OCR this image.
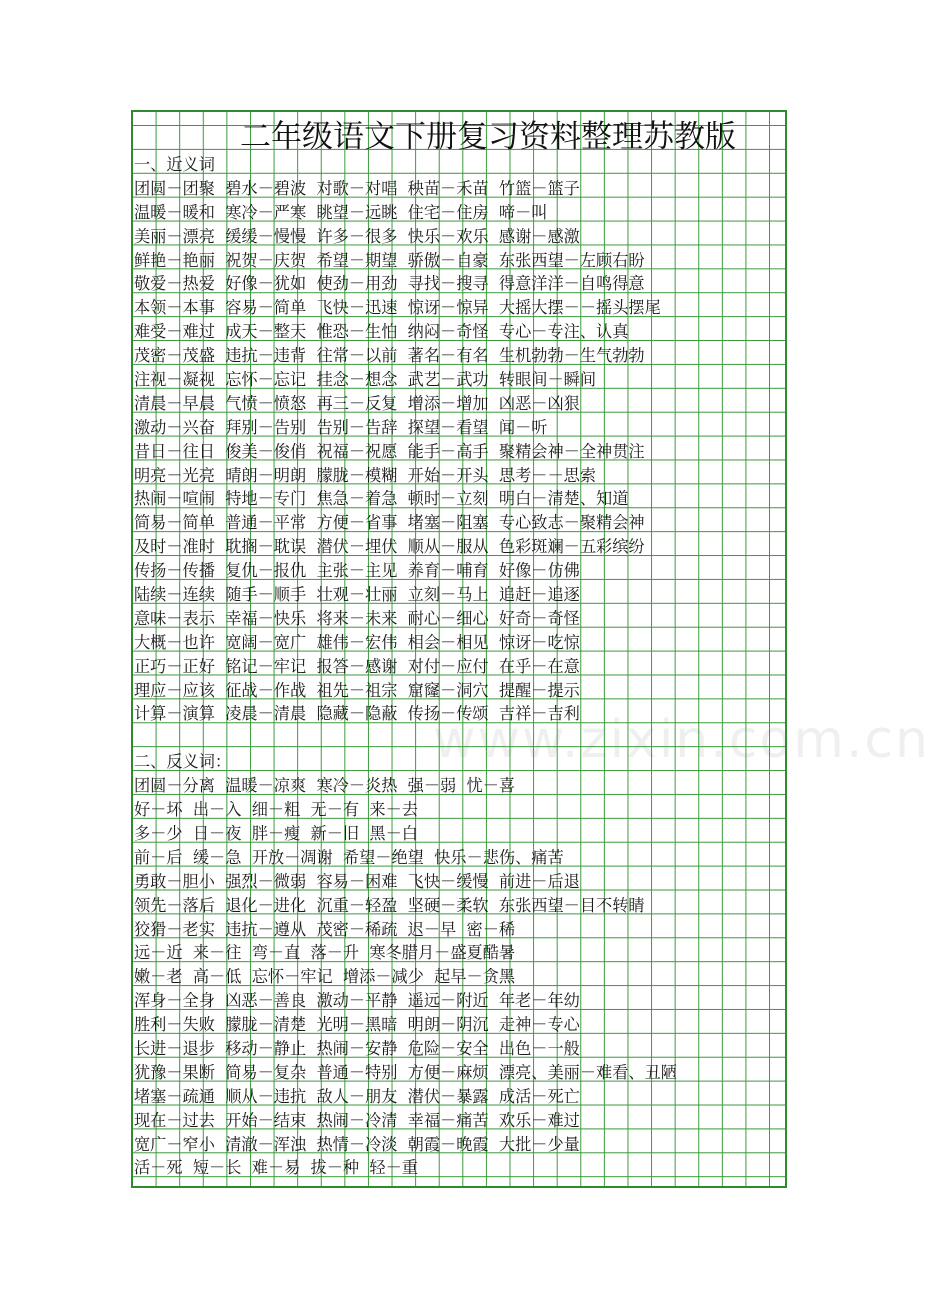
www.zixin.com.cn
二年级语文下册复习资料整理苏教版
一、近义词
团圆－团聚  碧水－碧波  对歌－对唱  秧苗－禾苗  竹篮－篮子
温暖－暖和  寒冷－严寒  眺望－远眺  住宅－住房  啼－叫
美丽－漂亮  缓缓－慢慢  许多－很多  快乐－欢乐  感谢－感激
鲜艳－艳丽  祝贺－庆贺  希望－期望  骄傲－自豪  东张西望－左顾右盼
敬爱－热爱  好像－犹如  使劲－用劲  寻找－搜寻  得意洋洋－自鸣得意
本领－本事  容易－简单  飞快－迅速  惊讶－惊异  大摇大摆－－摇头摆尾
难受－难过  成天－整天  惟恐－生怕  纳闷－奇怪  专心－专注、认真
茂密－茂盛  违抗－违背  往常－以前  著名－有名  生机勃勃－生气勃勃
注视－凝视  忘怀－忘记  挂念－想念  武艺－武功  转眼间－瞬间
清晨－早晨  气愤－愤怒  再三－反复  增添－增加  凶恶－凶狠
激动－兴奋  拜别－告别  告别－告辞  探望－看望  闻－听
昔日－往日  俊美－俊俏  祝福－祝愿  能手－高手  聚精会神－全神贯注
明亮－光亮  晴朗－明朗  朦胧－模糊  开始－开头  思考－－思索
热闹－喧闹  特地－专门  焦急－着急  顿时－立刻  明白－清楚、知道
简易－简单  普通－平常  方便－省事  堵塞－阻塞  专心致志－聚精会神
及时－准时  耽搁－耽误  潜伏－埋伏  顺从－服从  色彩斑斓－五彩缤纷
传扬－传播  复仇－报仇  主张－主见  养育－哺育  好像－仿佛
陆续－连续  随手－顺手  壮观－壮丽  立刻－马上  追赶－追逐
意味－表示  幸福－快乐  将来－未来  耐心－细心  好奇－奇怪
大概－也许  宽阔－宽广  雄伟－宏伟  相会－相见  惊讶－吃惊
正巧－正好  铭记－牢记  报答－感谢  对付－应付  在乎－在意
理应－应该  征战－作战  祖先－祖宗  窟窿－洞穴  提醒－提示
计算－演算  凌晨－清晨  隐藏－隐蔽  传扬－传颂  吉祥－吉利
二、反义词：
团圆－分离  温暖－凉爽  寒冷－炎热  强－弱  忧－喜
好－坏  出－入  细－粗  无－有  来－去
多－少  日－夜  胖－瘦  新－旧  黑－白
前－后  缓－急  开放－凋谢  希望－绝望  快乐－悲伤、痛苦
勇敢－胆小  强烈－微弱  容易－困难  飞快－缓慢  前进－后退
领先－落后  退化－进化  沉重－轻盈  坚硬－柔软  东张西望－目不转睛
狡猾－老实  违抗－遵从  茂密－稀疏  迟－早  密－稀
远－近  来－往  弯－直  落－升  寒冬腊月－盛夏酷暑
嫩－老  高－低  忘怀－牢记  增添－减少  起早－贪黑
浑身－全身  凶恶－善良  激动－平静  遥远－附近  年老－年幼
胜利－失败  朦胧－清楚  光明－黑暗  明朗－阴沉  走神－专心
长进－退步  移动－静止  热闹－安静  危险－安全  出色－一般
犹豫－果断  简易－复杂  普通－特别  方便－麻烦  漂亮、美丽－难看、丑陋
堵塞－疏通  顺从－违抗  敌人－朋友  潜伏－暴露  成活－死亡
现在－过去  开始－结束  热闹－冷清  幸福－痛苦  欢乐－难过
宽广－窄小  清澈－浑浊  热情－冷淡  朝霞－晚霞  大批－少量
活－死  短－长  难－易  拔－种  轻－重
